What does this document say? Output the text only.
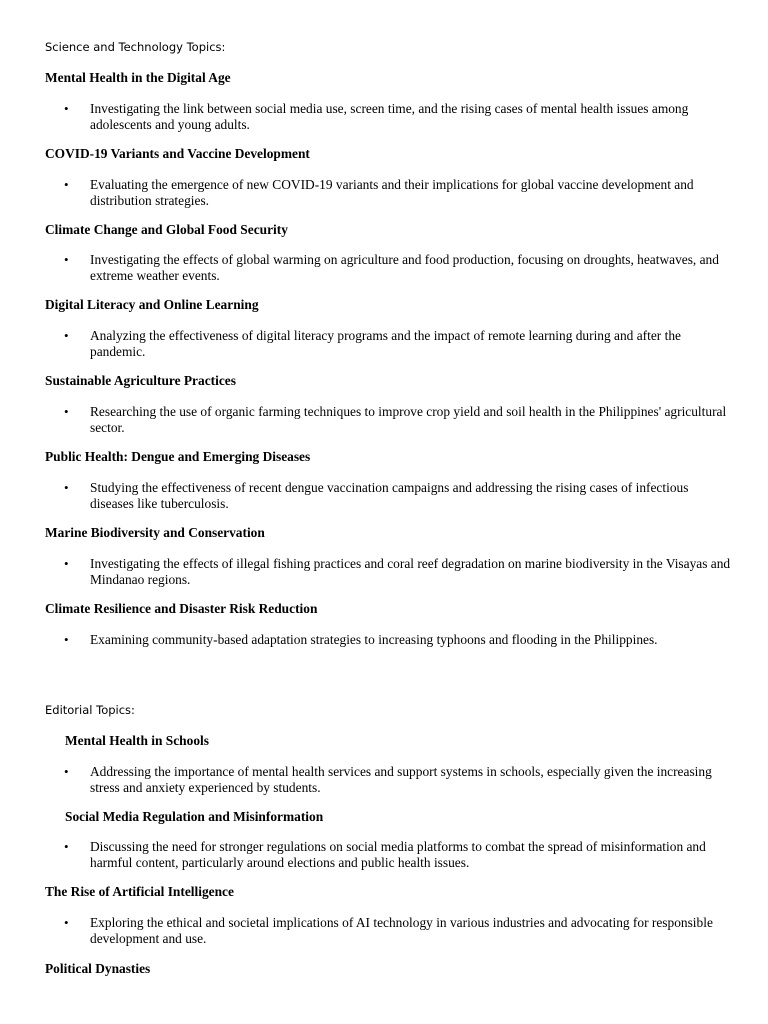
Science and Technology Topics:
Mental Health in the Digital Age
• Investigating the link between social media use, screen time, and the rising cases of mental health issues among adolescents and young adults.
COVID-19 Variants and Vaccine Development
• Evaluating the emergence of new COVID-19 variants and their implications for global vaccine development and distribution strategies.
Climate Change and Global Food Security
• Investigating the effects of global warming on agriculture and food production, focusing on droughts, heatwaves, and extreme weather events.
Digital Literacy and Online Learning
• Analyzing the effectiveness of digital literacy programs and the impact of remote learning during and after the pandemic.
Sustainable Agriculture Practices
• Researching the use of organic farming techniques to improve crop yield and soil health in the Philippines' agricultural sector.
Public Health: Dengue and Emerging Diseases
• Studying the effectiveness of recent dengue vaccination campaigns and addressing the rising cases of infectious diseases like tuberculosis.
Marine Biodiversity and Conservation
• Investigating the effects of illegal fishing practices and coral reef degradation on marine biodiversity in the Visayas and Mindanao regions.
Climate Resilience and Disaster Risk Reduction
• Examining community-based adaptation strategies to increasing typhoons and flooding in the Philippines.
Editorial Topics:
Mental Health in Schools
• Addressing the importance of mental health services and support systems in schools, especially given the increasing stress and anxiety experienced by students.
Social Media Regulation and Misinformation
• Discussing the need for stronger regulations on social media platforms to combat the spread of misinformation and harmful content, particularly around elections and public health issues.
The Rise of Artificial Intelligence
• Exploring the ethical and societal implications of AI technology in various industries and advocating for responsible development and use.
Political Dynasties
